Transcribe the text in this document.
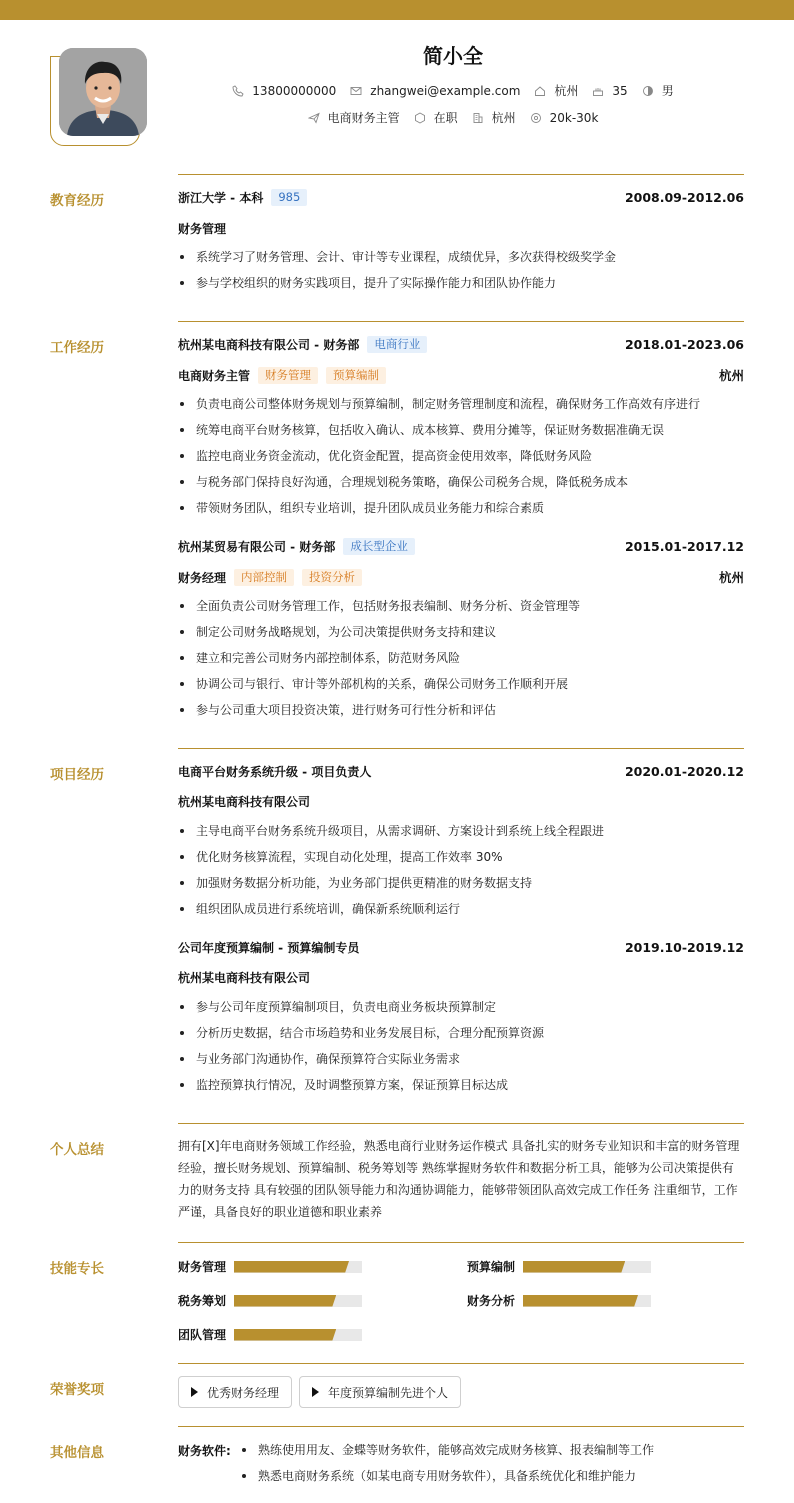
简小全
13800000000	zhangwei@example.com	杭州	35	男
电商财务主管	在职	杭州	20k-30k
教育经历	浙江大学 - 本科	985	2008.09-2012.06
财务管理
系统学习了财务管理、会计、审计等专业课程，成绩优异，多次获得校级奖学金
参与学校组织的财务实践项目，提升了实际操作能力和团队协作能力
工作经历	杭州某电商科技有限公司 - 财务部	电商行业	2018.01-2023.06
电商财务主管	财务管理	预算编制	杭州
负责电商公司整体财务规划与预算编制，制定财务管理制度和流程，确保财务工作高效有序进行
统筹电商平台财务核算，包括收入确认、成本核算、费用分摊等，保证财务数据准确无误
监控电商业务资金流动，优化资金配置，提高资金使用效率，降低财务风险
与税务部门保持良好沟通，合理规划税务策略，确保公司税务合规，降低税务成本
带领财务团队，组织专业培训，提升团队成员业务能力和综合素质
杭州某贸易有限公司 - 财务部	成长型企业	2015.01-2017.12
财务经理	内部控制	投资分析	杭州
全面负责公司财务管理工作，包括财务报表编制、财务分析、资金管理等
制定公司财务战略规划，为公司决策提供财务支持和建议
建立和完善公司财务内部控制体系，防范财务风险
协调公司与银行、审计等外部机构的关系，确保公司财务工作顺利开展
参与公司重大项目投资决策，进行财务可行性分析和评估
项目经历	电商平台财务系统升级 - 项目负责人	2020.01-2020.12
杭州某电商科技有限公司
主导电商平台财务系统升级项目，从需求调研、方案设计到系统上线全程跟进
优化财务核算流程，实现自动化处理，提高工作效率 30%
加强财务数据分析功能，为业务部门提供更精准的财务数据支持
组织团队成员进行系统培训，确保新系统顺利运行
公司年度预算编制 - 预算编制专员	2019.10-2019.12
杭州某电商科技有限公司
参与公司年度预算编制项目，负责电商业务板块预算制定
分析历史数据，结合市场趋势和业务发展目标，合理分配预算资源
与业务部门沟通协作，确保预算符合实际业务需求
监控预算执行情况，及时调整预算方案，保证预算目标达成
个人总结	拥有[X]年电商财务领域工作经验，熟悉电商行业财务运作模式 具备扎实的财务专业知识和丰富的财务管理经验，擅长财务规划、预算编制、税务筹划等 熟练掌握财务软件和数据分析工具，能够为公司决策提供有力的财务支持 具有较强的团队领导能力和沟通协调能力，能够带领团队高效完成工作任务 注重细节，工作严谨，具备良好的职业道德和职业素养
技能专长	财务管理	预算编制
税务筹划	财务分析
团队管理
荣誉奖项	优秀财务经理	年度预算编制先进个人
其他信息	财务软件:	熟练使用用友、金蝶等财务软件，能够高效完成财务核算、报表编制等工作
熟悉电商财务系统（如某电商专用财务软件），具备系统优化和维护能力
